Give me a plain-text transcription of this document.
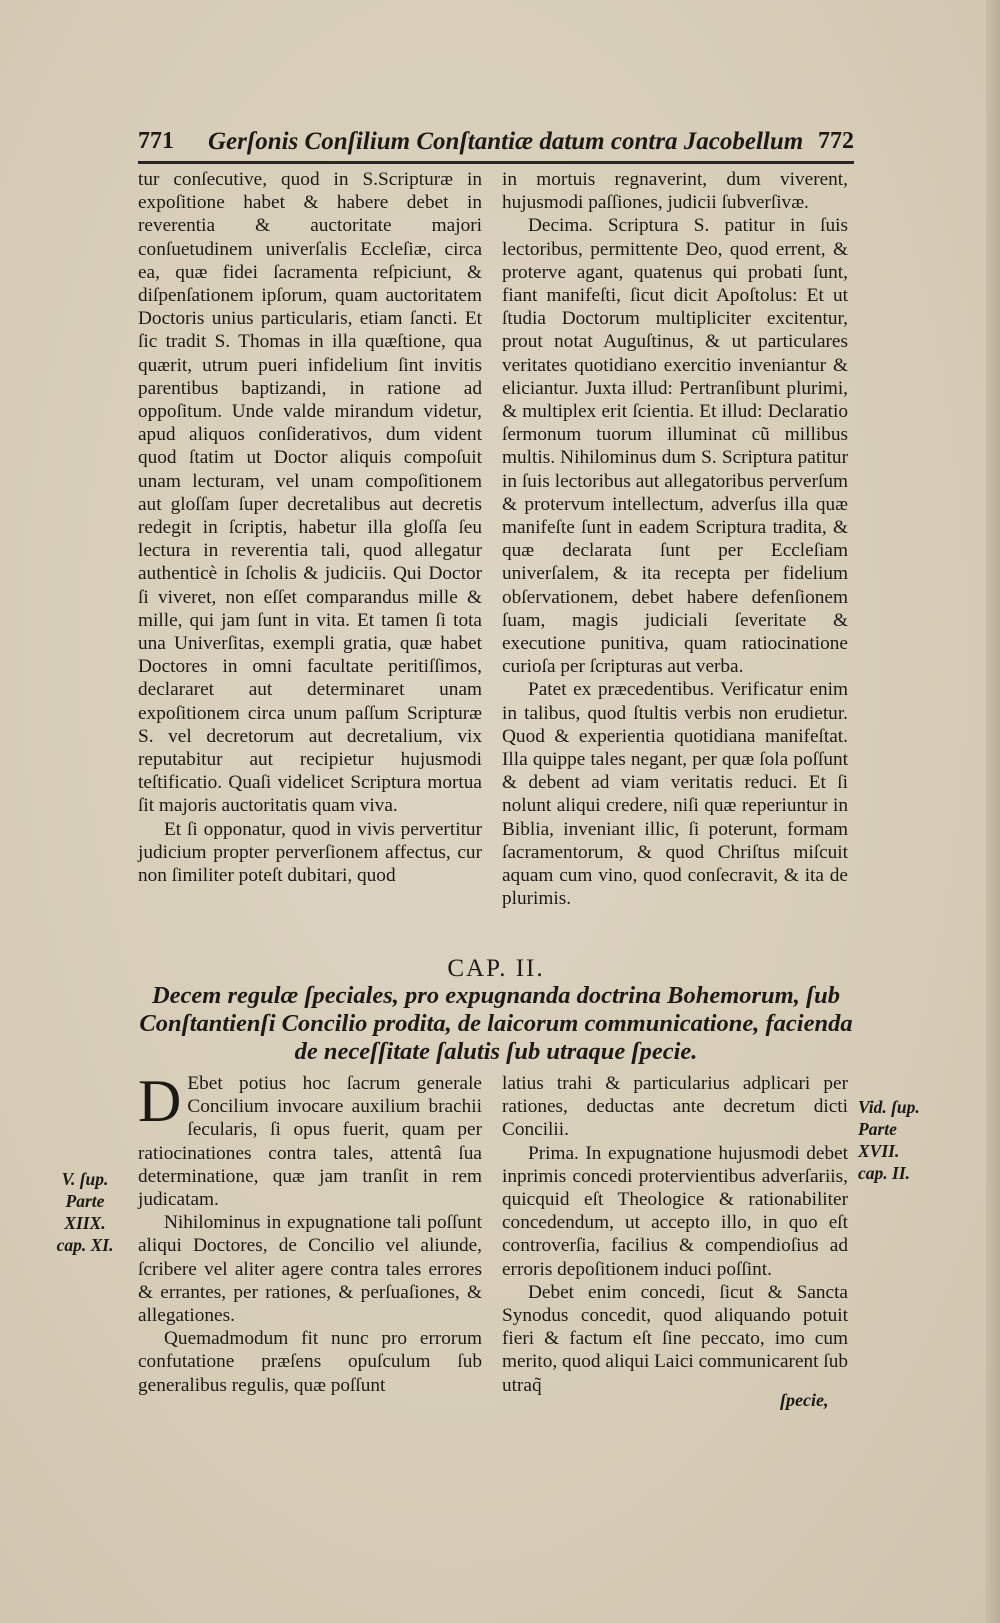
771 Gerſonis Conſilium Conſtantiæ datum contra Jacobellum 772

tur conſecutive, quod in S.Scripturæ in expoſitione habet & habere debet in reverentia & auctoritate majori conſuetudinem univerſalis Eccleſiæ, circa ea, quæ fidei ſacramenta reſpiciunt, & diſpenſationem ipſorum, quam auctoritatem Doctoris unius particularis, etiam ſancti. Et ſic tradit S. Thomas in illa quæſtione, qua quærit, utrum pueri infidelium ſint invitis parentibus baptizandi, in ratione ad oppoſitum. Unde valde mirandum videtur, apud aliquos conſiderativos, dum vident quod ſtatim ut Doctor aliquis compoſuit unam lecturam, vel unam compoſitionem aut gloſſam ſuper decretalibus aut decretis redegit in ſcriptis, habetur illa gloſſa ſeu lectura in reverentia tali, quod allegatur authenticè in ſcholis & judiciis. Qui Doctor ſi viveret, non eſſet comparandus mille & mille, qui jam ſunt in vita. Et tamen ſi tota una Univerſitas, exempli gratia, quæ habet Doctores in omni facultate peritiſſimos, declararet aut determinaret unam expoſitionem circa unum paſſum Scripturæ S. vel decretorum aut decretalium, vix reputabitur aut recipietur hujusmodi teſtificatio. Quaſi videlicet Scriptura mortua ſit majoris auctoritatis quam viva.

Et ſi opponatur, quod in vivis pervertitur judicium propter perverſionem affectus, cur non ſimiliter poteſt dubitari, quod

in mortuis regnaverint, dum viverent, hujusmodi paſſiones, judicii ſubverſivæ.

Decima. Scriptura S. patitur in ſuis lectoribus, permittente Deo, quod errent, & proterve agant, quatenus qui probati ſunt, fiant manifeſti, ſicut dicit Apoſtolus: Et ut ſtudia Doctorum multipliciter excitentur, prout notat Auguſtinus, & ut particulares veritates quotidiano exercitio inveniantur & eliciantur. Juxta illud: Pertranſibunt plurimi, & multiplex erit ſcientia. Et illud: Declaratio ſermonum tuorum illuminat cũ millibus multis. Nihilominus dum S. Scriptura patitur in ſuis lectoribus aut allegatoribus perverſum & protervum intellectum, adverſus illa quæ manifeſte ſunt in eadem Scriptura tradita, & quæ declarata ſunt per Eccleſiam univerſalem, & ita recepta per fidelium obſervationem, debet habere defenſionem ſuam, magis judiciali ſeveritate & executione punitiva, quam ratiocinatione curioſa per ſcripturas aut verba.

Patet ex præcedentibus. Verificatur enim in talibus, quod ſtultis verbis non erudietur. Quod & experientia quotidiana manifeſtat. Illa quippe tales negant, per quæ ſola poſſunt & debent ad viam veritatis reduci. Et ſi nolunt aliqui credere, niſi quæ reperiuntur in Biblia, inveniant illic, ſi poterunt, formam ſacramentorum, & quod Chriſtus miſcuit aquam cum vino, quod conſecravit, & ita de plurimis.

CAP. II.
Decem regulæ ſpeciales, pro expugnanda doctrina Bohemorum, ſub Conſtantienſi Concilio prodita, de laicorum communicatione, facienda de neceſſitate ſalutis ſub utraque ſpecie.

D Ebet potius hoc ſacrum generale Concilium invocare auxilium brachii ſecularis, ſi opus fuerit, quam per ratiocinationes contra tales, attentâ ſua determinatione, quæ jam tranſit in rem judicatam.

Nihilominus in expugnatione tali poſſunt aliqui Doctores, de Concilio vel aliunde, ſcribere vel aliter agere contra tales errores & errantes, per rationes, & perſuaſiones, & allegationes.

Quemadmodum fit nunc pro errorum confutatione præſens opuſculum ſub generalibus regulis, quæ poſſunt

latius trahi & particularius adplicari per rationes, deductas ante decretum dicti Concilii.

Prima. In expugnatione hujusmodi debet inprimis concedi protervientibus adverſariis, quicquid eſt Theologice & rationabiliter concedendum, ut accepto illo, in quo eſt controverſia, facilius & compendioſius ad erroris depoſitionem induci poſſint.

Debet enim concedi, ſicut & Sancta Synodus concedit, quod aliquando potuit fieri & factum eſt ſine peccato, imo cum merito, quod aliqui Laici communicarent ſub utraq̃

V. ſup. Parte XIIX. cap. XI.
Vid. ſup. Parte XVII. cap. II.
ſpecie,
